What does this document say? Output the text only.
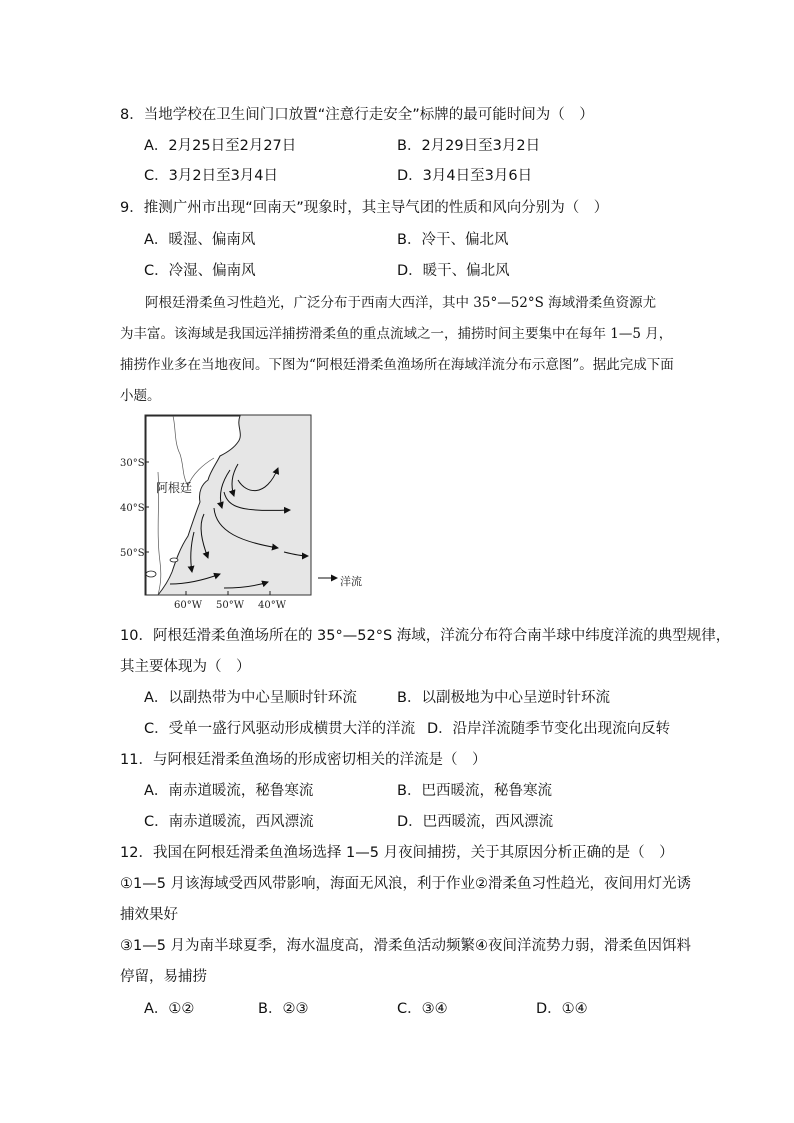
8．当地学校在卫生间门口放置“注意行走安全”标牌的最可能时间为（　）
A．2月25日至2月27日	B．2月29日至3月2日
C．3月2日至3月4日	D．3月4日至3月6日
9．推测广州市出现“回南天”现象时，其主导气团的性质和风向分别为（　）
A．暖湿、偏南风	B．冷干、偏北风
C．冷湿、偏南风	D．暖干、偏北风
阿根廷滑柔鱼习性趋光，广泛分布于西南大西洋，其中 35°—52°S 海域滑柔鱼资源尤
为丰富。该海域是我国远洋捕捞滑柔鱼的重点流域之一，捕捞时间主要集中在每年 1—5 月，
捕捞作业多在当地夜间。下图为“阿根廷滑柔鱼渔场所在海域洋流分布示意图”。据此完成下面
小题。
30°S
40°S
50°S
60°W 50°W 40°W
阿根廷
洋流
10．阿根廷滑柔鱼渔场所在的 35°—52°S 海域，洋流分布符合南半球中纬度洋流的典型规律，
其主要体现为（　）
A．以副热带为中心呈顺时针环流	B．以副极地为中心呈逆时针环流
C．受单一盛行风驱动形成横贯大洋的洋流 D．沿岸洋流随季节变化出现流向反转
11．与阿根廷滑柔鱼渔场的形成密切相关的洋流是（　）
A．南赤道暖流，秘鲁寒流	B．巴西暖流，秘鲁寒流
C．南赤道暖流，西风漂流	D．巴西暖流，西风漂流
12．我国在阿根廷滑柔鱼渔场选择 1—5 月夜间捕捞，关于其原因分析正确的是（　）
①1—5 月该海域受西风带影响，海面无风浪，利于作业②滑柔鱼习性趋光，夜间用灯光诱
捕效果好
③1—5 月为南半球夏季，海水温度高，滑柔鱼活动频繁④夜间洋流势力弱，滑柔鱼因饵料
停留，易捕捞
A．①②	B．②③	C．③④	D．①④
